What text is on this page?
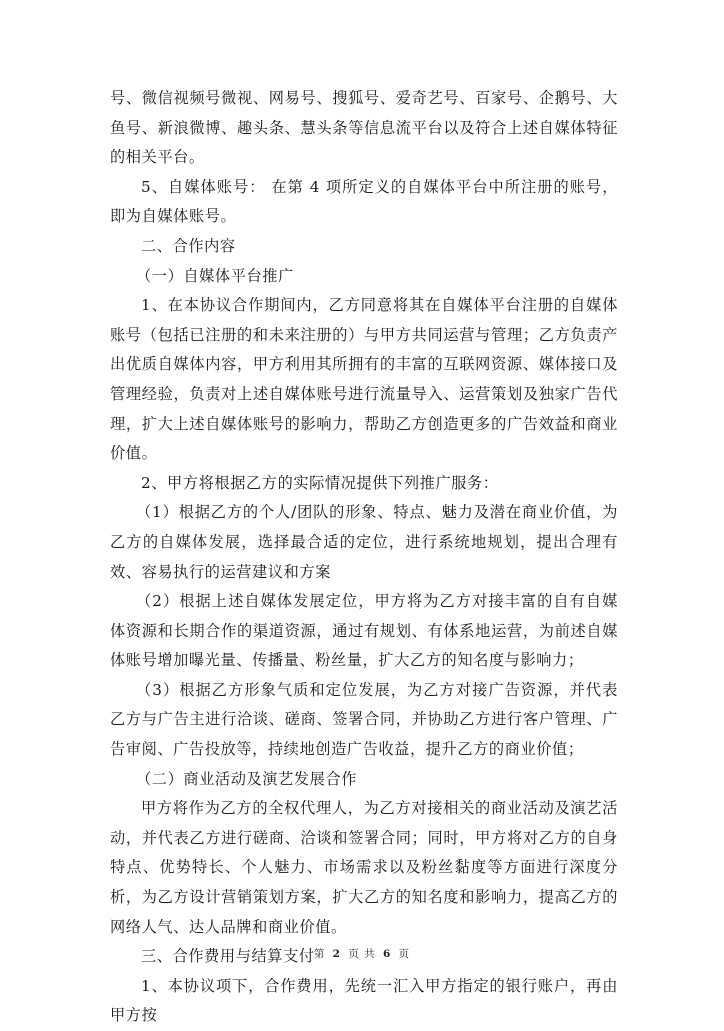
号、微信视频号微视、网易号、搜狐号、爱奇艺号、百家号、企鹅号、大鱼号、新浪微博、趣头条、慧头条等信息流平台以及符合上述自媒体特征的相关平台。

5、自媒体账号： 在第 4 项所定义的自媒体平台中所注册的账号，即为自媒体账号。

二、合作内容

（一）自媒体平台推广

1、在本协议合作期间内，乙方同意将其在自媒体平台注册的自媒体账号（包括已注册的和未来注册的）与甲方共同运营与管理；乙方负责产出优质自媒体内容，甲方利用其所拥有的丰富的互联网资源、媒体接口及管理经验，负责对上述自媒体账号进行流量导入、运营策划及独家广告代理，扩大上述自媒体账号的影响力，帮助乙方创造更多的广告效益和商业价值。

2、甲方将根据乙方的实际情况提供下列推广服务：

（1）根据乙方的个人/团队的形象、特点、魅力及潜在商业价值，为乙方的自媒体发展，选择最合适的定位，进行系统地规划，提出合理有效、容易执行的运营建议和方案

（2）根据上述自媒体发展定位，甲方将为乙方对接丰富的自有自媒体资源和长期合作的渠道资源，通过有规划、有体系地运营，为前述自媒体账号增加曝光量、传播量、粉丝量，扩大乙方的知名度与影响力；

（3）根据乙方形象气质和定位发展，为乙方对接广告资源，并代表乙方与广告主进行洽谈、磋商、签署合同，并协助乙方进行客户管理、广告审阅、广告投放等，持续地创造广告收益，提升乙方的商业价值；

（二）商业活动及演艺发展合作

甲方将作为乙方的全权代理人，为乙方对接相关的商业活动及演艺活动，并代表乙方进行磋商、洽谈和签署合同；同时，甲方将对乙方的自身特点、优势特长、个人魅力、市场需求以及粉丝黏度等方面进行深度分析，为乙方设计营销策划方案，扩大乙方的知名度和影响力，提高乙方的网络人气、达人品牌和商业价值。

三、合作费用与结算支付

1、本协议项下，合作费用，先统一汇入甲方指定的银行账户，再由甲方按

第 2 页 共 6 页
